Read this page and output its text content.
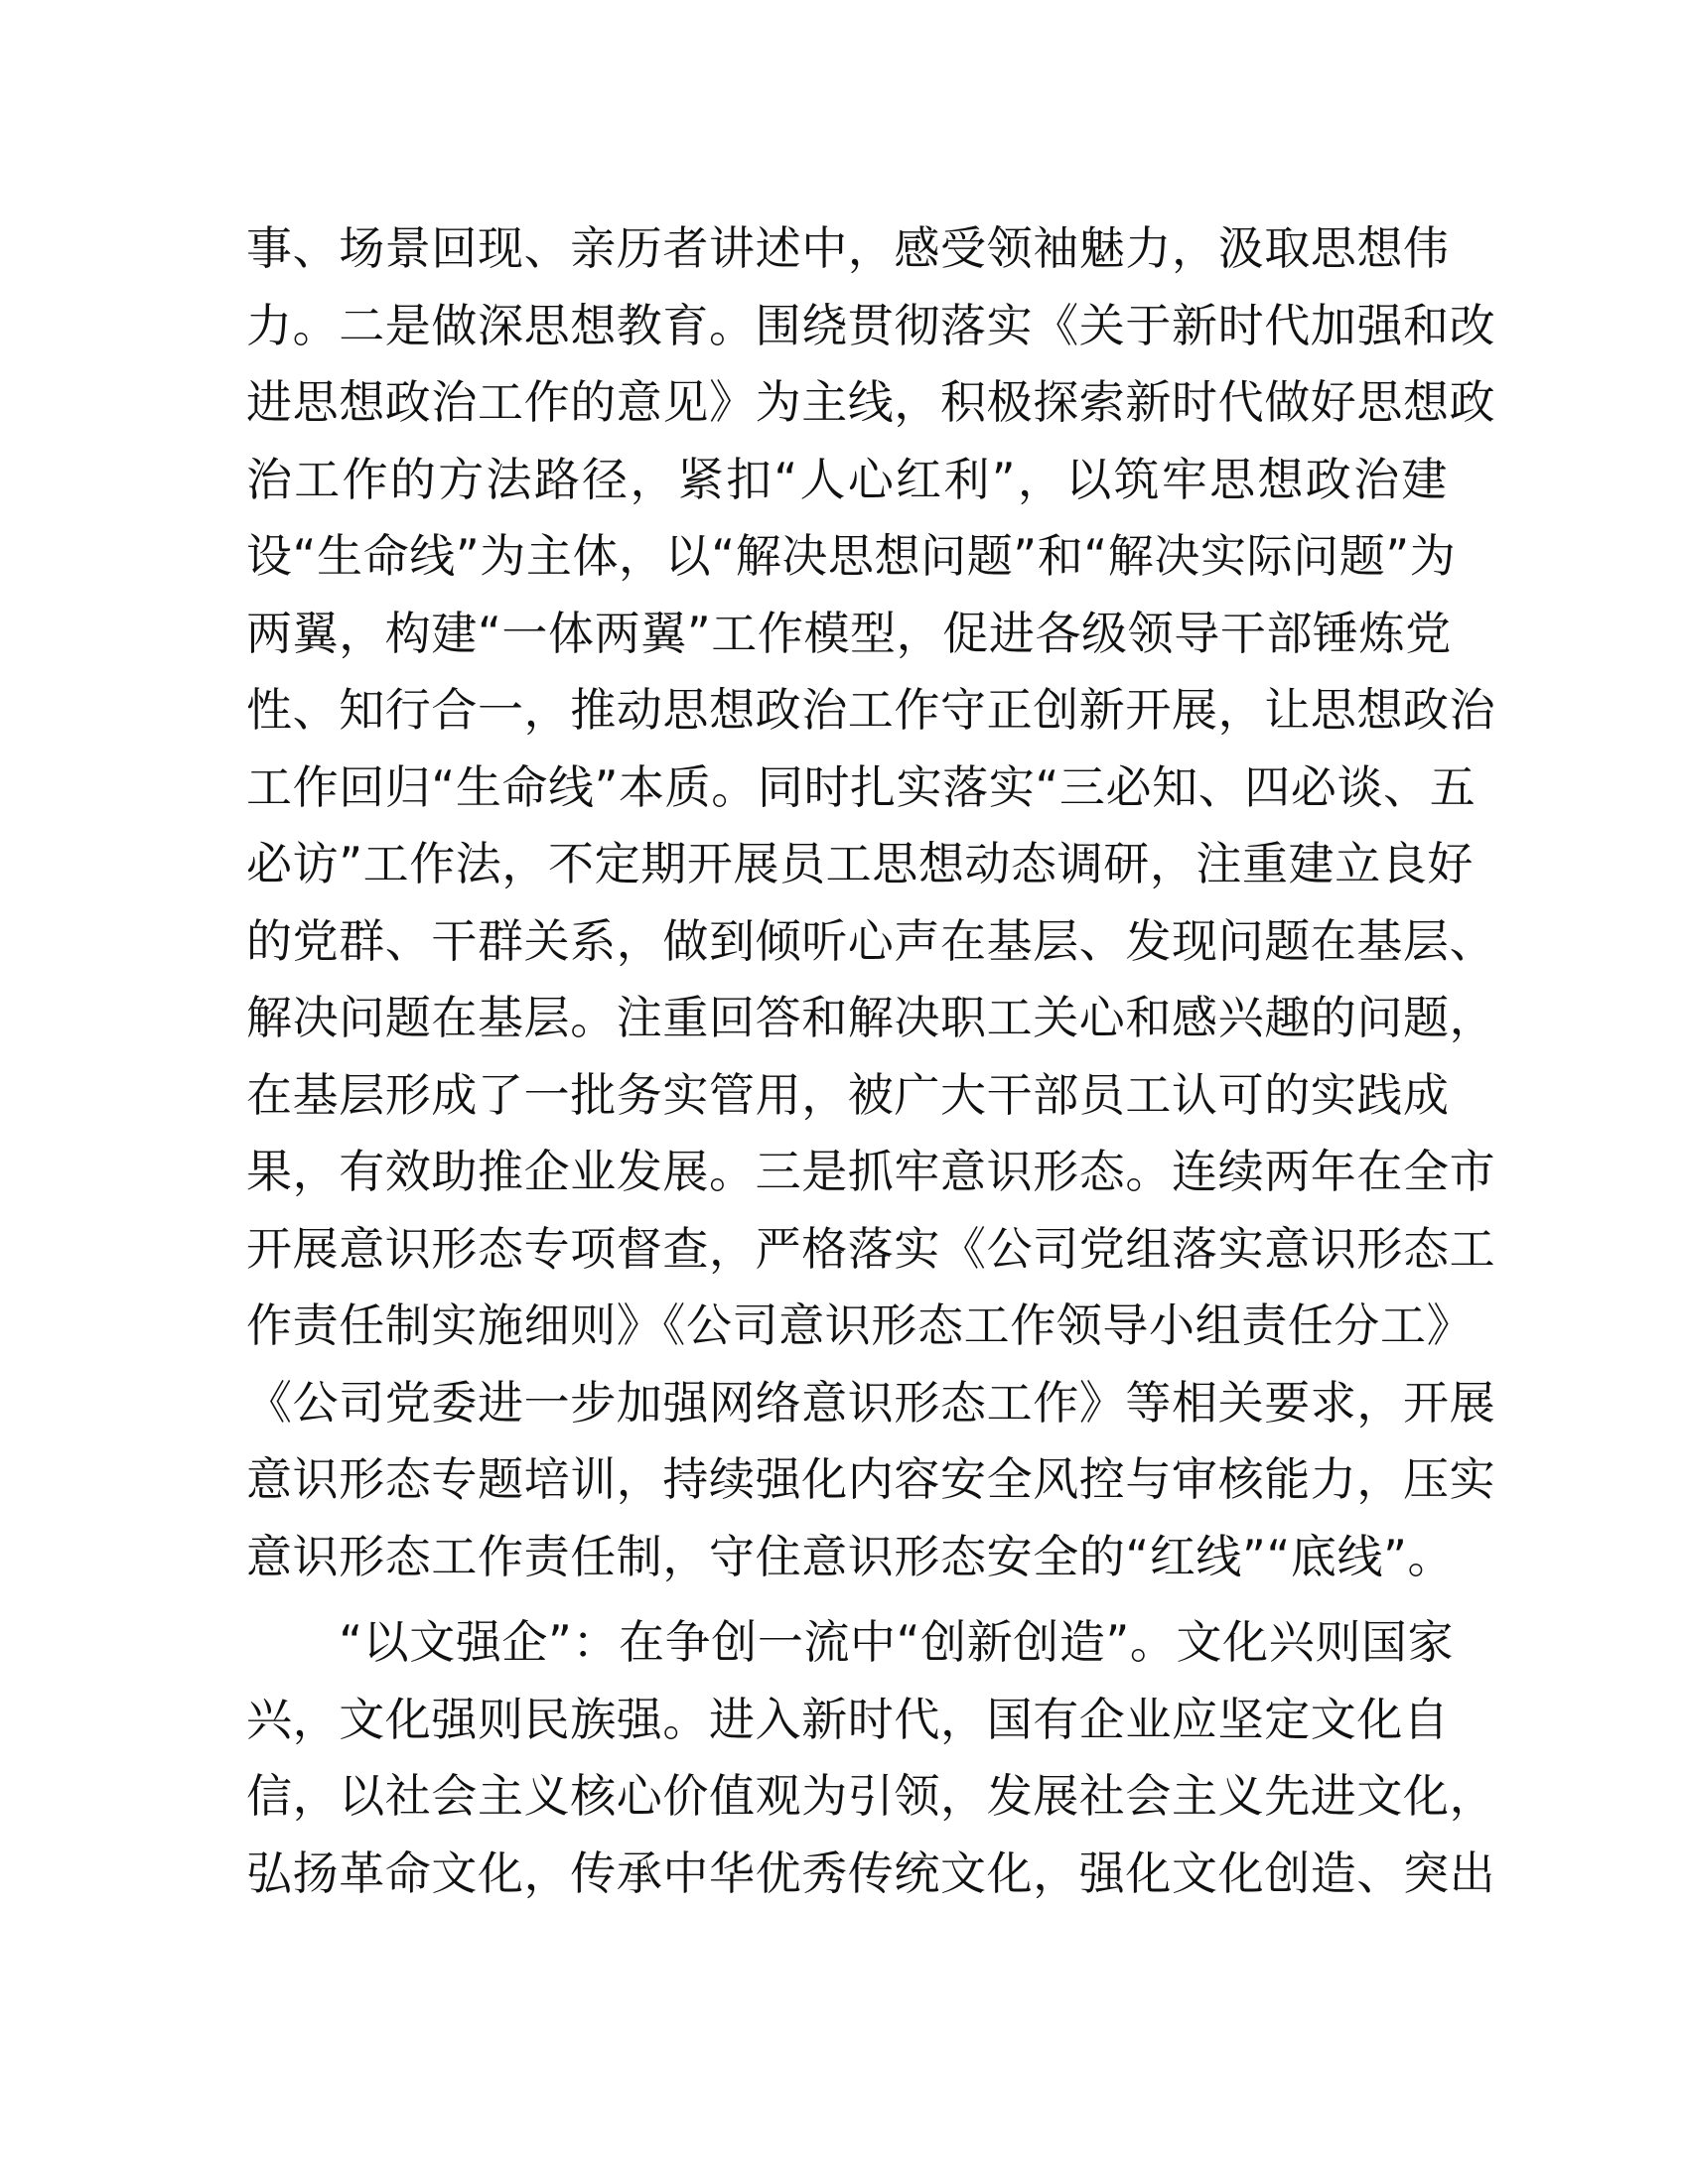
事、场景回现、亲历者讲述中，感受领袖魅力，汲取思想伟
力。二是做深思想教育。围绕贯彻落实《关于新时代加强和改
进思想政治工作的意见》为主线，积极探索新时代做好思想政
治工作的方法路径，紧扣“人心红利”，以筑牢思想政治建
设“生命线”为主体，以“解决思想问题”和“解决实际问题”为
两翼，构建“一体两翼”工作模型，促进各级领导干部锤炼党
性、知行合一，推动思想政治工作守正创新开展，让思想政治
工作回归“生命线”本质。同时扎实落实“三必知、四必谈、五
必访”工作法，不定期开展员工思想动态调研，注重建立良好
的党群、干群关系，做到倾听心声在基层、发现问题在基层、
解决问题在基层。注重回答和解决职工关心和感兴趣的问题，
在基层形成了一批务实管用，被广大干部员工认可的实践成
果，有效助推企业发展。三是抓牢意识形态。连续两年在全市
开展意识形态专项督查，严格落实《公司党组落实意识形态工
作责任制实施细则》《公司意识形态工作领导小组责任分工》
《公司党委进一步加强网络意识形态工作》等相关要求，开展
意识形态专题培训，持续强化内容安全风控与审核能力，压实
意识形态工作责任制，守住意识形态安全的“红线”“底线”。
　　“以文强企”：在争创一流中“创新创造”。文化兴则国家
兴，文化强则民族强。进入新时代，国有企业应坚定文化自
信，以社会主义核心价值观为引领，发展社会主义先进文化，
弘扬革命文化，传承中华优秀传统文化，强化文化创造、突出
